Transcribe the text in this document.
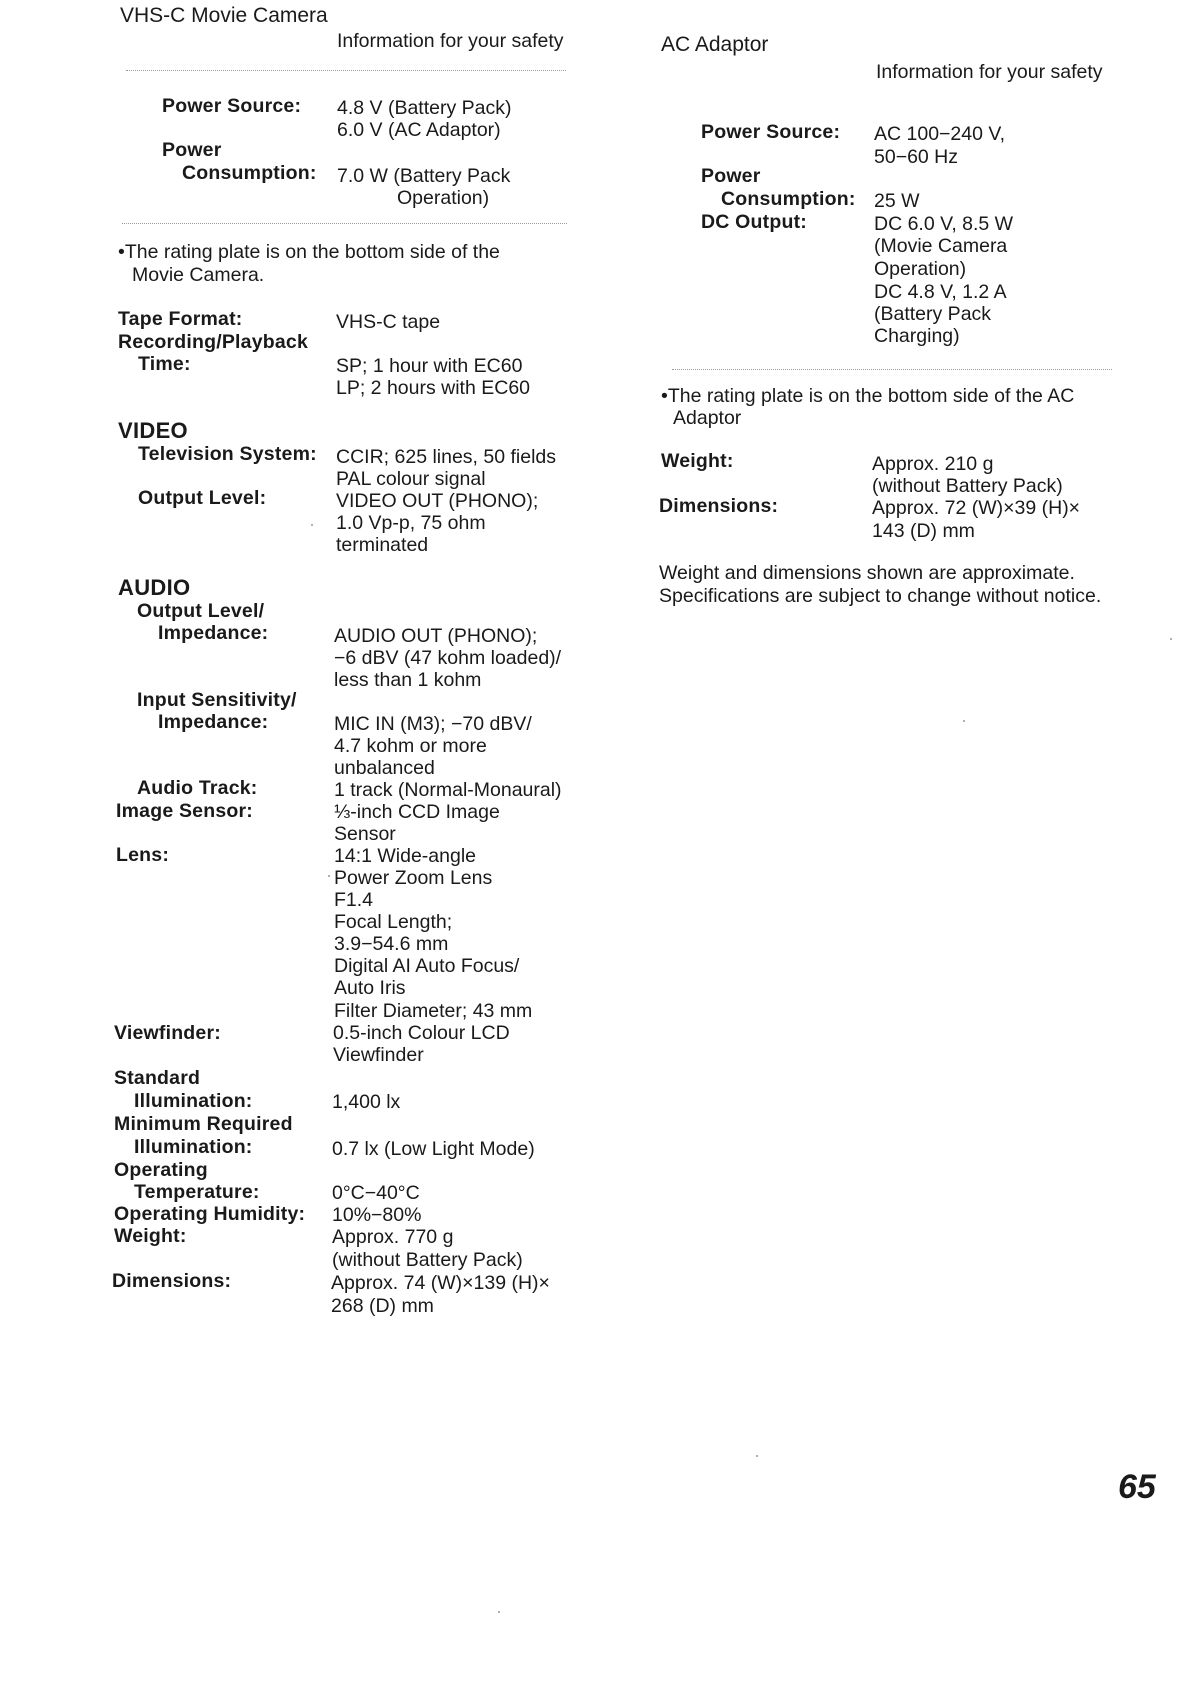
VHS-C Movie Camera
Information for your safety
Power Source: 4.8 V (Battery Pack)
6.0 V (AC Adaptor)
Power
Consumption: 7.0 W (Battery Pack
Operation)
•The rating plate is on the bottom side of the
Movie Camera.
Tape Format:	VHS-C tape
Recording/Playback
Time:	SP; 1 hour with EC60
LP; 2 hours with EC60
VIDEO
Television System: CCIR; 625 lines, 50 fields
PAL colour signal
Output Level:	VIDEO OUT (PHONO);
1.0 Vp-p, 75 ohm
terminated
AUDIO
Output Level/
Impedance:	AUDIO OUT (PHONO);
−6 dBV (47 kohm loaded)/
less than 1 kohm
Input Sensitivity/
Impedance:	MIC IN (M3); −70 dBV/
4.7 kohm or more
unbalanced
Audio Track:	1 track (Normal-Monaural)
Image Sensor:	⅓-inch CCD Image
Sensor
Lens:	14:1 Wide-angle
Power Zoom Lens
F1.4
Focal Length;
3.9−54.6 mm
Digital AI Auto Focus/
Auto Iris
Filter Diameter; 43 mm
Viewfinder:	0.5-inch Colour LCD
Viewfinder
Standard
Illumination:	1,400 lx
Minimum Required
Illumination:	0.7 lx (Low Light Mode)
Operating
Temperature:	0°C−40°C
Operating Humidity: 10%−80%
Weight:	Approx. 770 g
(without Battery Pack)
Dimensions:	Approx. 74 (W)×139 (H)×
268 (D) mm
AC Adaptor
Information for your safety
Power Source: AC 100−240 V,
50−60 Hz
Power
Consumption: 25 W
DC Output:	DC 6.0 V, 8.5 W
(Movie Camera
Operation)
DC 4.8 V, 1.2 A
(Battery Pack
Charging)
•The rating plate is on the bottom side of the AC
Adaptor
Weight:	Approx. 210 g
(without Battery Pack)
Dimensions:	Approx. 72 (W)×39 (H)×
143 (D) mm
Weight and dimensions shown are approximate.
Specifications are subject to change without notice.
65
